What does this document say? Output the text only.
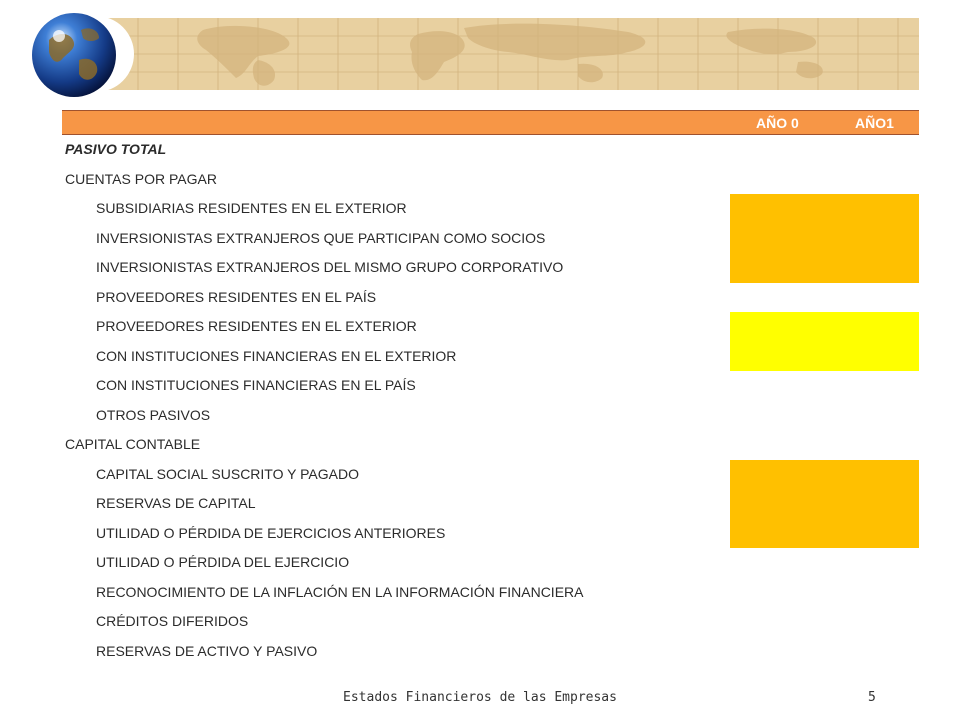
AÑO 0	AÑO1
PASIVO TOTAL
CUENTAS POR PAGAR
SUBSIDIARIAS RESIDENTES EN EL EXTERIOR
INVERSIONISTAS EXTRANJEROS QUE PARTICIPAN COMO SOCIOS
INVERSIONISTAS EXTRANJEROS DEL MISMO GRUPO CORPORATIVO
PROVEEDORES RESIDENTES EN EL PAÍS
PROVEEDORES RESIDENTES EN EL EXTERIOR
CON INSTITUCIONES FINANCIERAS EN EL EXTERIOR
CON INSTITUCIONES FINANCIERAS EN EL PAÍS
OTROS PASIVOS
CAPITAL CONTABLE
CAPITAL SOCIAL SUSCRITO Y PAGADO
RESERVAS DE CAPITAL
UTILIDAD O PÉRDIDA DE EJERCICIOS ANTERIORES
UTILIDAD O PÉRDIDA DEL EJERCICIO
RECONOCIMIENTO DE LA INFLACIÓN EN LA INFORMACIÓN FINANCIERA
CRÉDITOS DIFERIDOS
RESERVAS DE ACTIVO Y PASIVO
Estados Financieros de las Empresas	5
